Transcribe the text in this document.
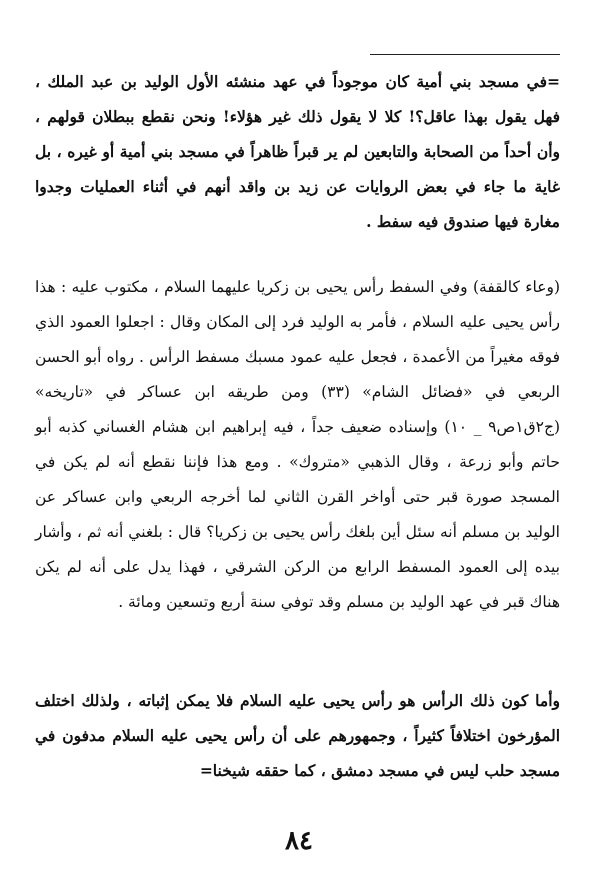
=في مسجد بني أمية كان موجوداً في عهد منشئه الأول الوليد بن عبد الملك ، فهل يقول بهذا عاقل؟! كلا لا يقول ذلك غير هؤلاء! ونحن نقطع ببطلان قولهم ، وأن أحداً من الصحابة والتابعين لم ير قبراً ظاهراً في مسجد بني أمية أو غيره ، بل غاية ما جاء في بعض الروايات عن زيد بن واقد أنهم في أثناء العمليات وجدوا مغارة فيها صندوق فيه سفط .

(وعاء كالقفة) وفي السفط رأس يحيى بن زكريا عليهما السلام ، مكتوب عليه : هذا رأس يحيى عليه السلام ، فأمر به الوليد فرد إلى المكان وقال : اجعلوا العمود الذي فوقه مغيراً من الأعمدة ، فجعل عليه عمود مسبك مسفط الرأس . رواه أبو الحسن الربعي في «فضائل الشام» (٣٣) ومن طريقه ابن عساكر في «تاريخه» (ج٢ق١ص٩ _ ١٠) وإسناده ضعيف جداً ، فيه إبراهيم ابن هشام الغساني كذبه أبو حاتم وأبو زرعة ، وقال الذهبي «متروك» . ومع هذا فإننا نقطع أنه لم يكن في المسجد صورة قبر حتى أواخر القرن الثاني لما أخرجه الربعي وابن عساكر عن الوليد بن مسلم أنه سئل أين بلغك رأس يحيى بن زكريا؟ قال : بلغني أنه ثم ، وأشار بيده إلى العمود المسفط الرابع من الركن الشرقي ، فهذا يدل على أنه لم يكن هناك قبر في عهد الوليد بن مسلم وقد توفي سنة أربع وتسعين ومائة .

وأما كون ذلك الرأس هو رأس يحيى عليه السلام فلا يمكن إثباته ، ولذلك اختلف المؤرخون اختلافاً كثيراً ، وجمهورهم على أن رأس يحيى عليه السلام مدفون في مسجد حلب ليس في مسجد دمشق ، كما حققه شيخنا=

٨٤
